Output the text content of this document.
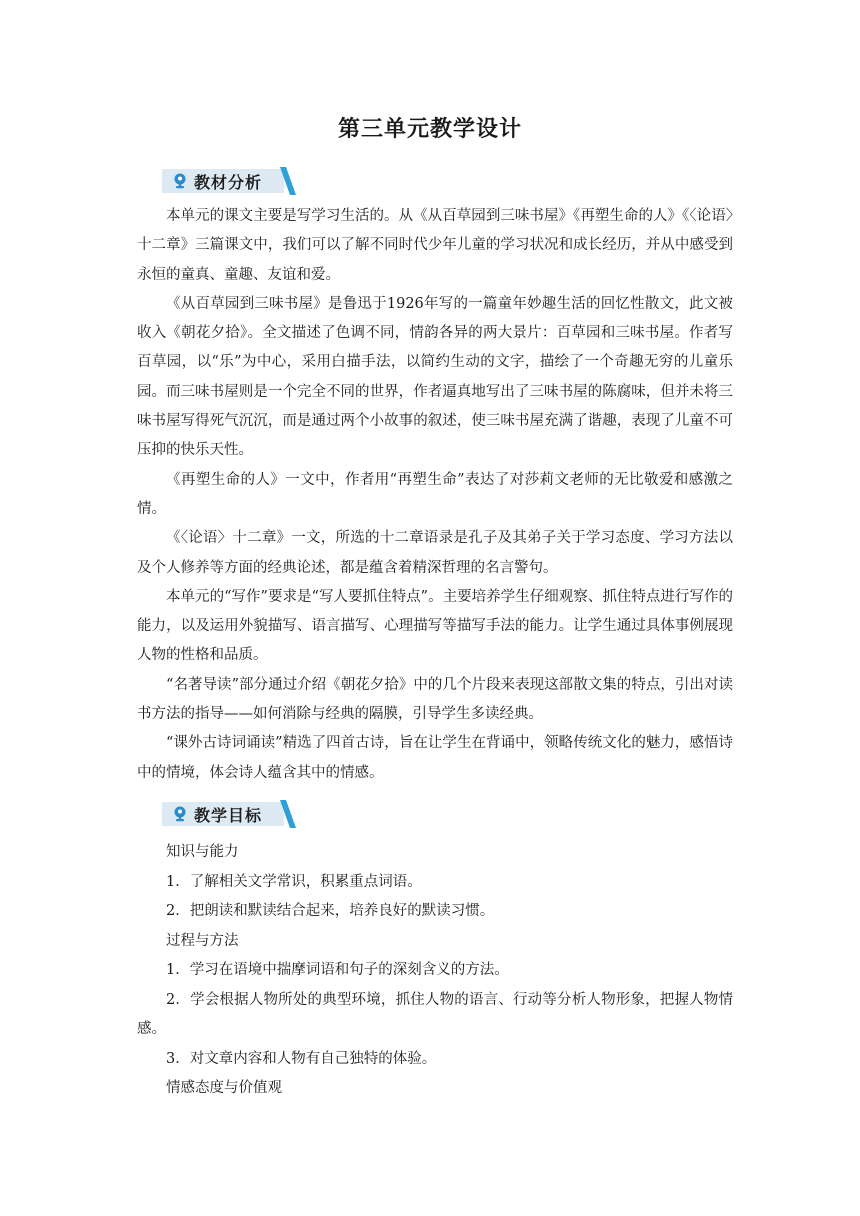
第三单元教学设计
教材分析

本单元的课文主要是写学习生活的。从《从百草园到三味书屋》《再塑生命的人》《〈论语〉十二章》三篇课文中，我们可以了解不同时代少年儿童的学习状况和成长经历，并从中感受到永恒的童真、童趣、友谊和爱。

《从百草园到三味书屋》是鲁迅于1926年写的一篇童年妙趣生活的回忆性散文，此文被收入《朝花夕拾》。全文描述了色调不同，情韵各异的两大景片：百草园和三味书屋。作者写百草园，以“乐”为中心，采用白描手法，以简约生动的文字，描绘了一个奇趣无穷的儿童乐园。而三味书屋则是一个完全不同的世界，作者逼真地写出了三味书屋的陈腐味，但并未将三味书屋写得死气沉沉，而是通过两个小故事的叙述，使三味书屋充满了谐趣，表现了儿童不可压抑的快乐天性。

《再塑生命的人》一文中，作者用“再塑生命”表达了对莎莉文老师的无比敬爱和感激之情。

《〈论语〉十二章》一文，所选的十二章语录是孔子及其弟子关于学习态度、学习方法以及个人修养等方面的经典论述，都是蕴含着精深哲理的名言警句。

本单元的“写作”要求是“写人要抓住特点”。主要培养学生仔细观察、抓住特点进行写作的能力，以及运用外貌描写、语言描写、心理描写等描写手法的能力。让学生通过具体事例展现人物的性格和品质。

“名著导读”部分通过介绍《朝花夕拾》中的几个片段来表现这部散文集的特点，引出对读书方法的指导——如何消除与经典的隔膜，引导学生多读经典。

“课外古诗词诵读”精选了四首古诗，旨在让学生在背诵中，领略传统文化的魅力，感悟诗中的情境，体会诗人蕴含其中的情感。

教学目标

知识与能力

1．了解相关文学常识，积累重点词语。

2．把朗读和默读结合起来，培养良好的默读习惯。

过程与方法

1．学习在语境中揣摩词语和句子的深刻含义的方法。

2．学会根据人物所处的典型环境，抓住人物的语言、行动等分析人物形象，把握人物情感。

3．对文章内容和人物有自己独特的体验。

情感态度与价值观
